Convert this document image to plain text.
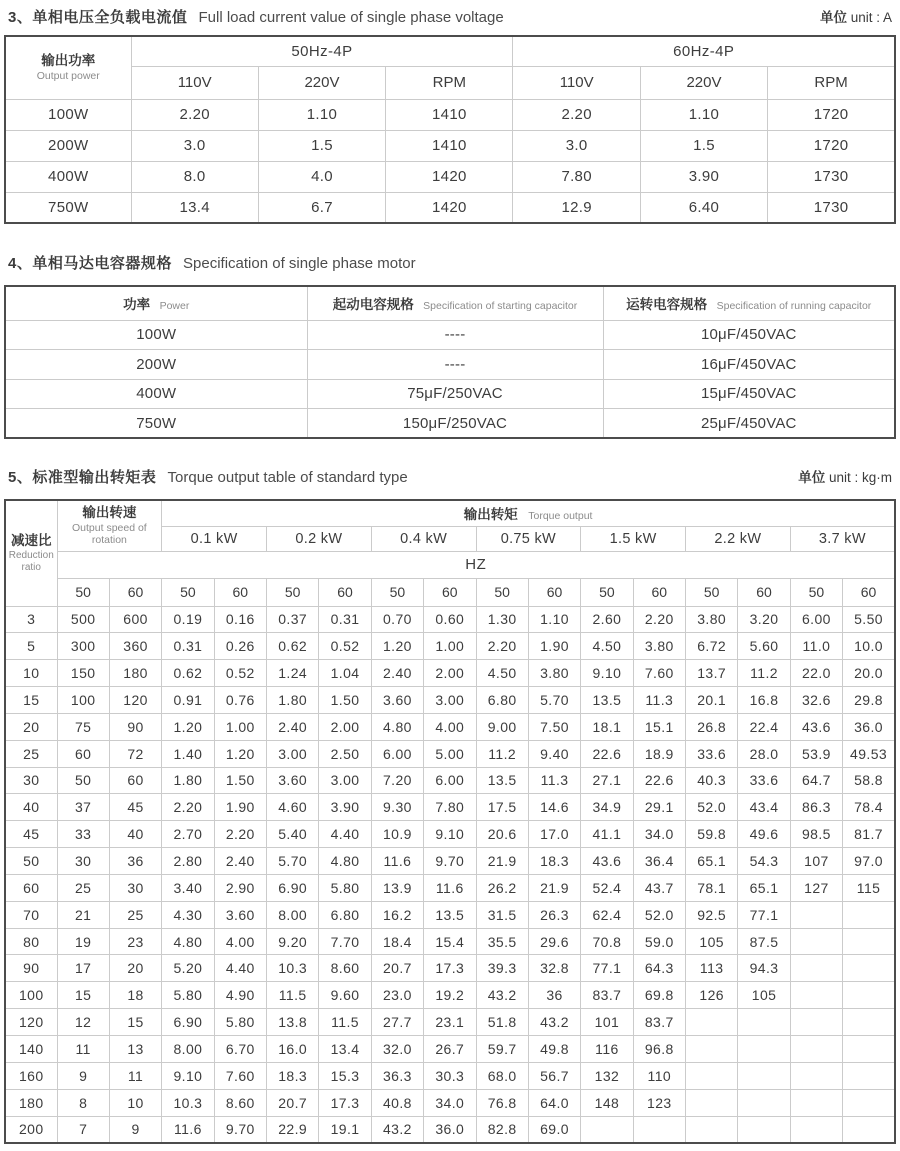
3、单相电压全负载电流值 Full load current value of single phase voltage	单位 unit : A
输出功率
Output power	50Hz-4P			60Hz-4P		
	110V	220V	RPM	110V	220V	RPM
100W	2.20	1.10	1410	2.20	1.10	1720
200W	3.0	1.5	1410	3.0	1.5	1720
400W	8.0	4.0	1420	7.80	3.90	1730
750W	13.4	6.7	1420	12.9	6.40	1730
4、单相马达电容器规格 Specification of single phase motor
功率 Power	起动电容规格 Specification of starting capacitor	运转电容规格 Specification of running capacitor
100W	----	10μF/450VAC
200W	----	16μF/450VAC
400W	75μF/250VAC	15μF/450VAC
750W	150μF/250VAC	25μF/450VAC
5、标准型输出转矩表 Torque output table of standard type	单位 unit : kg·m
减速比
Reduction ratio	输出转速
Output speed of rotation		输出转矩 Torque output													
			0.1 kW		0.2 kW		0.4 kW		0.75 kW		1.5 kW		2.2 kW		3.7 kW	
	HZ															
	50	60	50	60	50	60	50	60	50	60	50	60	50	60	50	60
3	500	600	0.19	0.16	0.37	0.31	0.70	0.60	1.30	1.10	2.60	2.20	3.80	3.20	6.00	5.50
5	300	360	0.31	0.26	0.62	0.52	1.20	1.00	2.20	1.90	4.50	3.80	6.72	5.60	11.0	10.0
10	150	180	0.62	0.52	1.24	1.04	2.40	2.00	4.50	3.80	9.10	7.60	13.7	11.2	22.0	20.0
15	100	120	0.91	0.76	1.80	1.50	3.60	3.00	6.80	5.70	13.5	11.3	20.1	16.8	32.6	29.8
20	75	90	1.20	1.00	2.40	2.00	4.80	4.00	9.00	7.50	18.1	15.1	26.8	22.4	43.6	36.0
25	60	72	1.40	1.20	3.00	2.50	6.00	5.00	11.2	9.40	22.6	18.9	33.6	28.0	53.9	49.53
30	50	60	1.80	1.50	3.60	3.00	7.20	6.00	13.5	11.3	27.1	22.6	40.3	33.6	64.7	58.8
40	37	45	2.20	1.90	4.60	3.90	9.30	7.80	17.5	14.6	34.9	29.1	52.0	43.4	86.3	78.4
45	33	40	2.70	2.20	5.40	4.40	10.9	9.10	20.6	17.0	41.1	34.0	59.8	49.6	98.5	81.7
50	30	36	2.80	2.40	5.70	4.80	11.6	9.70	21.9	18.3	43.6	36.4	65.1	54.3	107	97.0
60	25	30	3.40	2.90	6.90	5.80	13.9	11.6	26.2	21.9	52.4	43.7	78.1	65.1	127	115
70	21	25	4.30	3.60	8.00	6.80	16.2	13.5	31.5	26.3	62.4	52.0	92.5	77.1		
80	19	23	4.80	4.00	9.20	7.70	18.4	15.4	35.5	29.6	70.8	59.0	105	87.5		
90	17	20	5.20	4.40	10.3	8.60	20.7	17.3	39.3	32.8	77.1	64.3	113	94.3		
100	15	18	5.80	4.90	11.5	9.60	23.0	19.2	43.2	36	83.7	69.8	126	105		
120	12	15	6.90	5.80	13.8	11.5	27.7	23.1	51.8	43.2	101	83.7				
140	11	13	8.00	6.70	16.0	13.4	32.0	26.7	59.7	49.8	116	96.8				
160	9	11	9.10	7.60	18.3	15.3	36.3	30.3	68.0	56.7	132	110				
180	8	10	10.3	8.60	20.7	17.3	40.8	34.0	76.8	64.0	148	123				
200	7	9	11.6	9.70	22.9	19.1	43.2	36.0	82.8	69.0						
